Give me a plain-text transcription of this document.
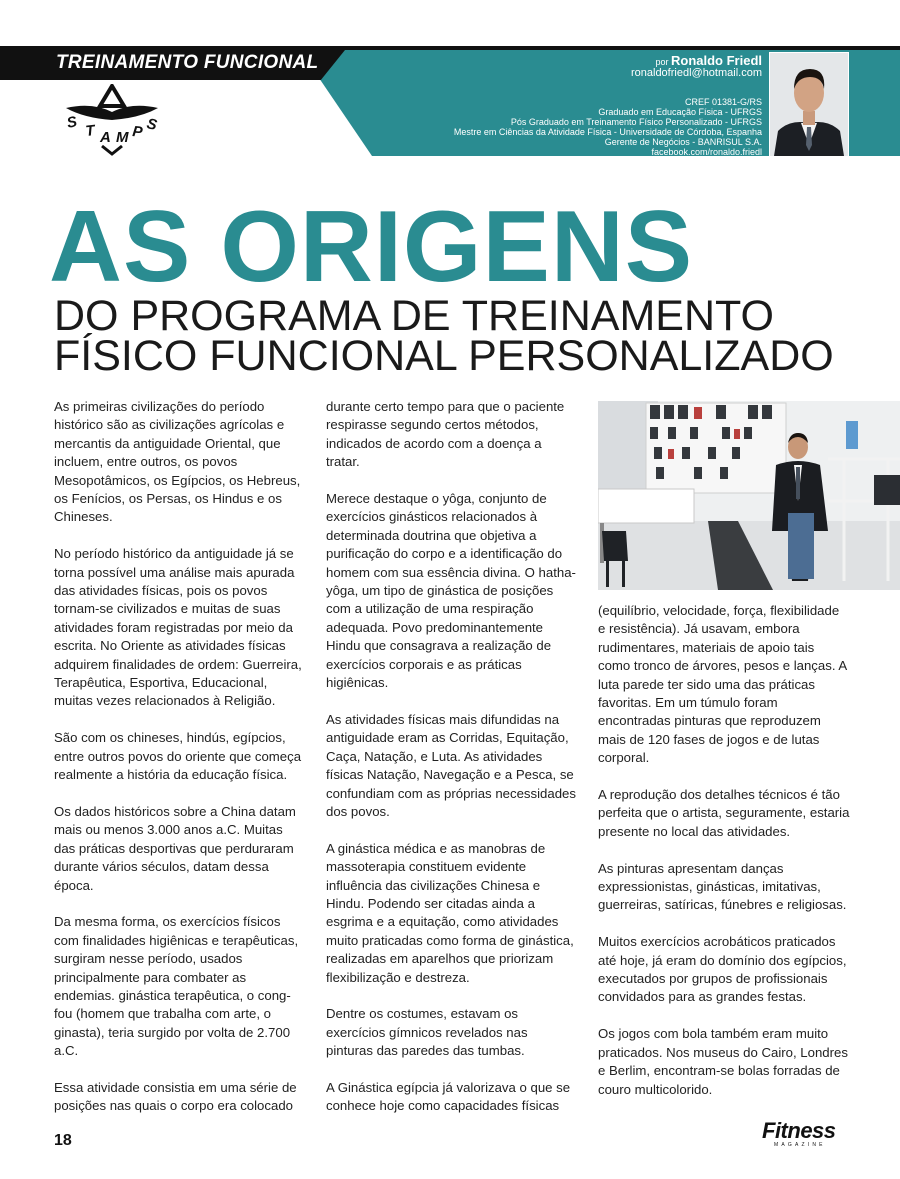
TREINAMENTO FUNCIONAL
S T A M P S
por Ronaldo Friedl
ronaldofriedl@hotmail.com
CREF 01381-G/RS
Graduado em Educação Física - UFRGS
Pós Graduado em Treinamento Físico Personalizado - UFRGS
Mestre em Ciências da Atividade Física - Universidade de Córdoba, Espanha
Gerente de Negócios - BANRISUL S.A.
facebook.com/ronaldo.friedl
AS ORIGENS
DO PROGRAMA DE TREINAMENTO
FÍSICO FUNCIONAL PERSONALIZADO

As primeiras civilizações do período histórico são as civilizações agrícolas e mercantis da antiguidade Oriental, que incluem, entre outros, os povos Mesopotâmicos, os Egípcios, os Hebreus, os Fenícios, os Persas, os Hindus e os Chineses.

No período histórico da antiguidade já se torna possível uma análise mais apurada das atividades físicas, pois os povos tornam-se civilizados e muitas de suas atividades foram registradas por meio da escrita. No Oriente as atividades físicas adquirem finalidades de ordem: Guerreira, Terapêutica, Esportiva, Educacional, muitas vezes relacionados à Religião.

São com os chineses, hindús, egípcios, entre outros povos do oriente que começa realmente a história da educação física.

Os dados históricos sobre a China datam mais ou menos 3.000 anos a.C. Muitas das práticas desportivas que perduraram durante vários séculos, datam dessa época.

Da mesma forma, os exercícios físicos com finalidades higiênicas e terapêuticas, surgiram nesse período, usados principalmente para combater as endemias. ginástica terapêutica, o cong-fou (homem que trabalha com arte, o ginasta), teria surgido por volta de 2.700 a.C.

Essa atividade consistia em uma série de posições nas quais o corpo era colocado

durante certo tempo para que o paciente respirasse segundo certos métodos, indicados de acordo com a doença a tratar.

Merece destaque o yôga, conjunto de exercícios ginásticos relacionados à determinada doutrina que objetiva a purificação do corpo e a identificação do homem com sua essência divina. O hatha-yôga, um tipo de ginástica de posições com a utilização de uma respiração adequada. Povo predominantemente Hindu que consagrava a realização de exercícios corporais e as práticas higiênicas.

As atividades físicas mais difundidas na antiguidade eram as Corridas, Equitação, Caça, Natação, e Luta. As atividades físicas Natação, Navegação e a Pesca, se confundiam com as próprias necessidades dos povos.

A ginástica médica e as manobras de massoterapia constituem evidente influência das civilizações Chinesa e Hindu. Podendo ser citadas ainda a esgrima e a equitação, como atividades muito praticadas como forma de ginástica, realizadas em aparelhos que priorizam flexibilização e destreza.

Dentre os costumes, estavam os exercícios gímnicos revelados nas pinturas das paredes das tumbas.

A Ginástica egípcia já valorizava o que se conhece hoje como capacidades físicas

(equilíbrio, velocidade, força, flexibilidade e resistência). Já usavam, embora rudimentares, materiais de apoio tais como tronco de árvores, pesos e lanças. A luta parede ter sido uma das práticas favoritas. Em um túmulo foram encontradas pinturas que reproduzem mais de 120 fases de jogos e de lutas corporal.

A reprodução dos detalhes técnicos é tão perfeita que o artista, seguramente, estaria presente no local das atividades.

As pinturas apresentam danças expressionistas, ginásticas, imitativas, guerreiras, satíricas, fúnebres e religiosas.

Muitos exercícios acrobáticos praticados até hoje, já eram do domínio dos egípcios, executados por grupos de profissionais convidados para as grandes festas.

Os jogos com bola também eram muito praticados. Nos museus do Cairo, Londres e Berlim, encontram-se bolas forradas de couro multicolorido.

18	Fitness
MAGAZINE
